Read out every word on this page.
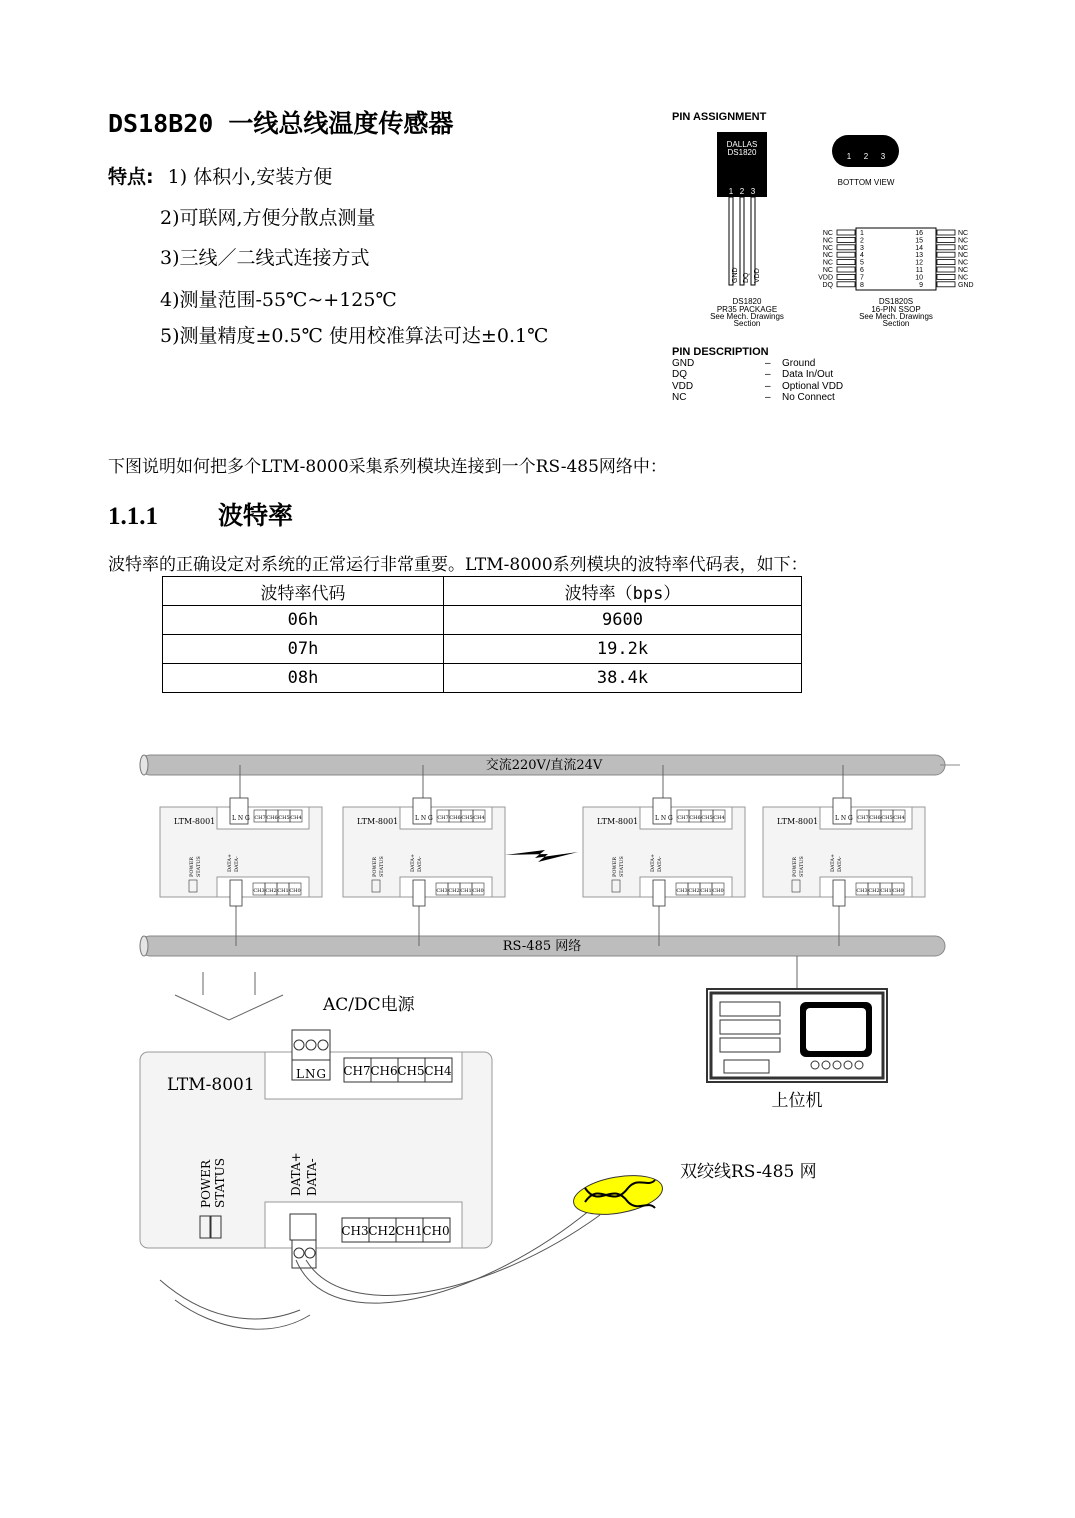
DS18B20 一线总线温度传感器
特点: 1) 体积小,安装方便
2)可联网,方便分散点测量
3)三线／二线式连接方式
4)测量范围-55℃~+125℃
5)测量精度±0.5℃ 使用校准算法可达±0.1℃
PIN ASSIGNMENT
DALLAS
DS1820
1 2 3
GND DQ VDD
DS1820
PR35 PACKAGE
See Mech. Drawings
Section
1 2 3
BOTTOM VIEW
NC	1	16	NC
NC	2	15	NC
NC	3	14	NC
NC	4	13	NC
NC	5	12	NC
NC	6	11	NC
VDD	7	10	NC
DQ	8	9	GND
DS1820S
16-PIN SSOP
See Mech. Drawings
Section
PIN DESCRIPTION
GND	– Ground
DQ	– Data In/Out
VDD	– Optional VDD
NC	– No Connect
下图说明如何把多个LTM-8000采集系列模块连接到一个RS-485网络中：
1.1.1 波特率
波特率的正确设定对系统的正常运行非常重要。LTM-8000系列模块的波特率代码表，如下：
波特率代码	波特率（bps）
06h	9600
07h	19.2k
08h	38.4k
交流220V/直流24V
RS-485 网络
L N G CH7 CH6 CH5 CH4
CH3 CH2 CH1 CH0
LTM-8001
POWER STATUS	DATA+ DATA-
L N G CH7 CH6 CH5 CH4
CH3 CH2 CH1 CH0
LTM-8001
POWER STATUS	DATA+ DATA-
L N G CH7 CH6 CH5 CH4
CH3 CH2 CH1 CH0
LTM-8001
POWER STATUS	DATA+ DATA-
L N G CH7 CH6 CH5 CH4
CH3 CH2 CH1 CH0
LTM-8001
POWER STATUS	DATA+ DATA-
AC/DC电源
上位机
L N G CH7 CH6 CH5 CH4
LTM-8001
POWER STATUS	DATA+ DATA-
CH3 CH2 CH1 CH0
双绞线RS-485 网
